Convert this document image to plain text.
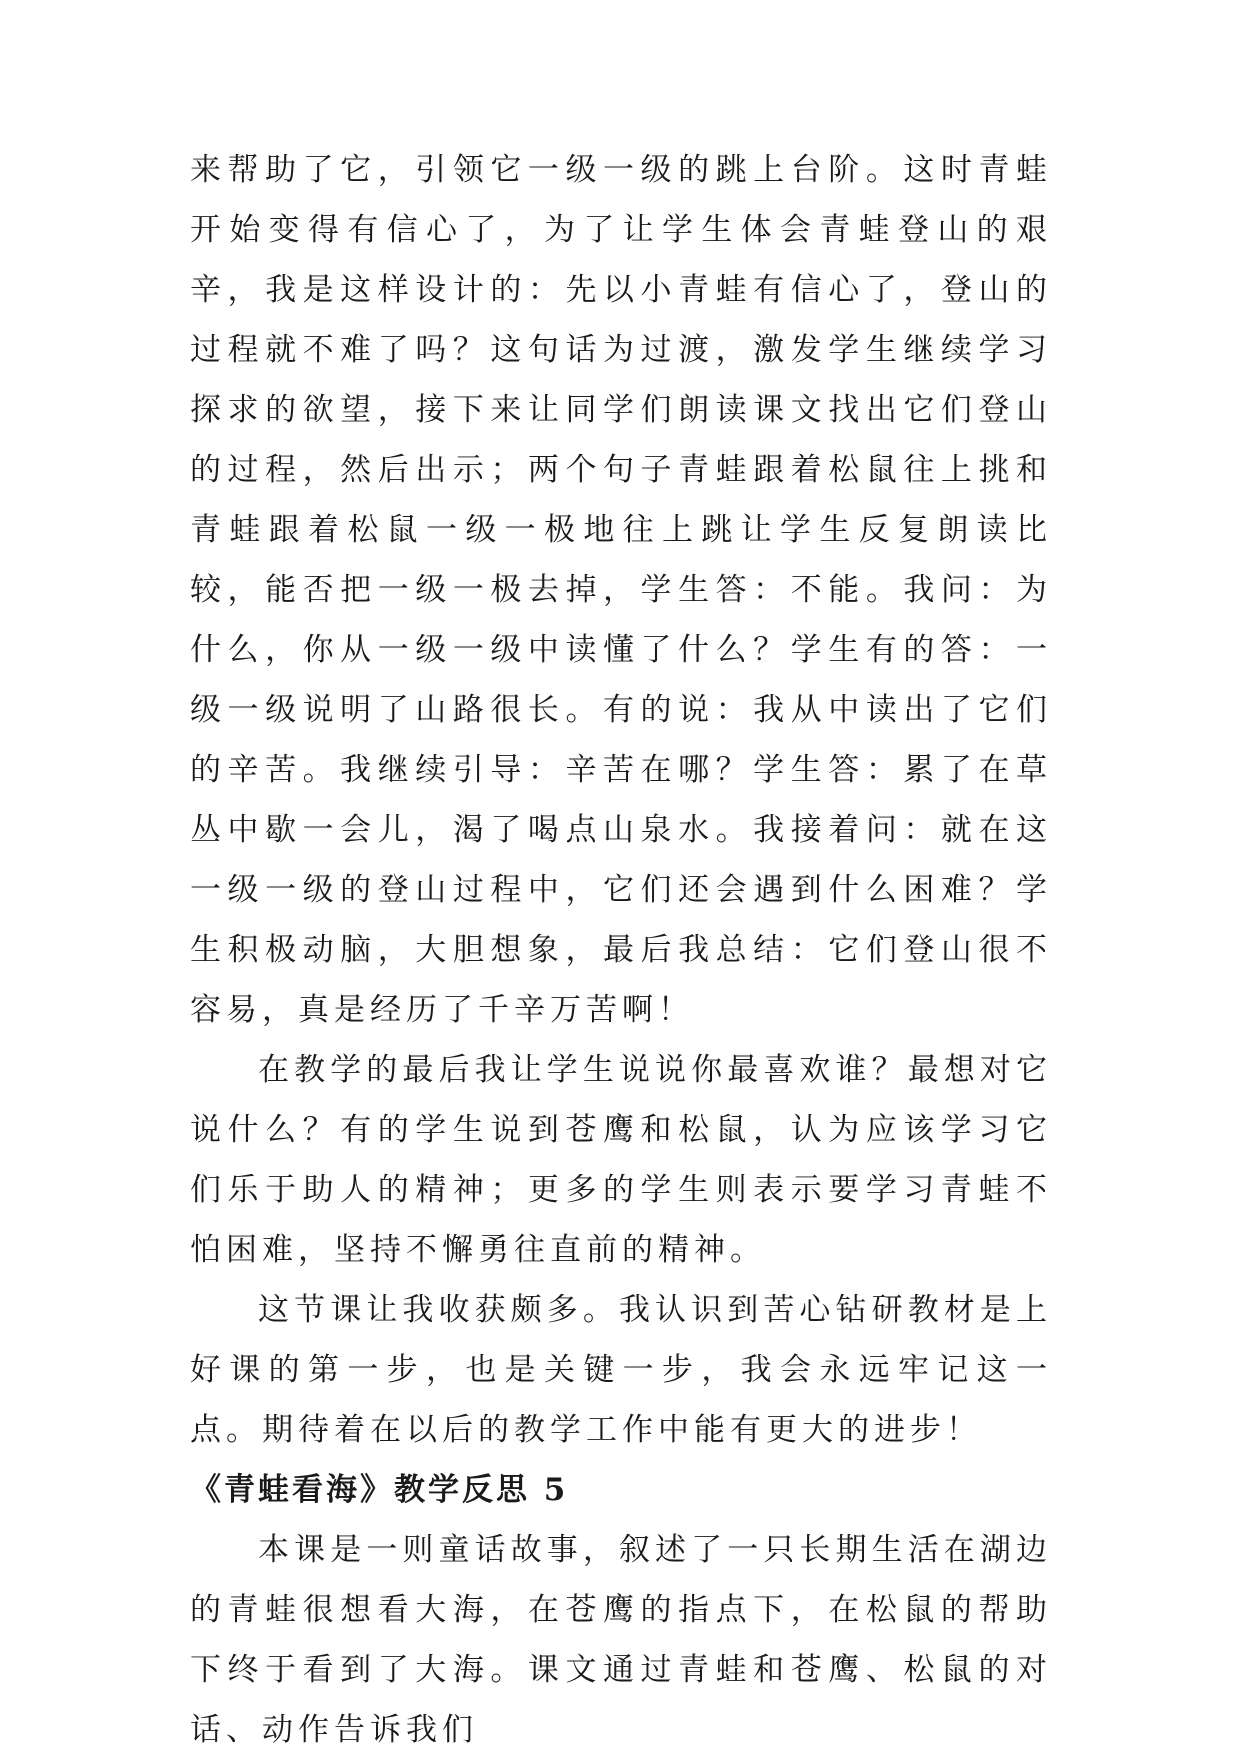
来帮助了它，引领它一级一级的跳上台阶。这时青蛙开始变得有信心了，为了让学生体会青蛙登山的艰辛，我是这样设计的：先以小青蛙有信心了，登山的过程就不难了吗？这句话为过渡，激发学生继续学习探求的欲望，接下来让同学们朗读课文找出它们登山的过程，然后出示；两个句子青蛙跟着松鼠往上挑和青蛙跟着松鼠一级一极地往上跳让学生反复朗读比较，能否把一级一极去掉，学生答：不能。我问：为什么，你从一级一级中读懂了什么？学生有的答：一级一级说明了山路很长。有的说：我从中读出了它们的辛苦。我继续引导：辛苦在哪？学生答：累了在草丛中歇一会儿，渴了喝点山泉水。我接着问：就在这一级一级的登山过程中，它们还会遇到什么困难？学生积极动脑，大胆想象，最后我总结：它们登山很不容易，真是经历了千辛万苦啊！

在教学的最后我让学生说说你最喜欢谁？最想对它说什么？有的学生说到苍鹰和松鼠，认为应该学习它们乐于助人的精神；更多的学生则表示要学习青蛙不怕困难，坚持不懈勇往直前的精神。

这节课让我收获颇多。我认识到苦心钻研教材是上好课的第一步，也是关键一步，我会永远牢记这一点。期待着在以后的教学工作中能有更大的进步！

《青蛙看海》教学反思 5

本课是一则童话故事，叙述了一只长期生活在湖边的青蛙很想看大海，在苍鹰的指点下，在松鼠的帮助下终于看到了大海。课文通过青蛙和苍鹰、松鼠的对话、动作告诉我们
